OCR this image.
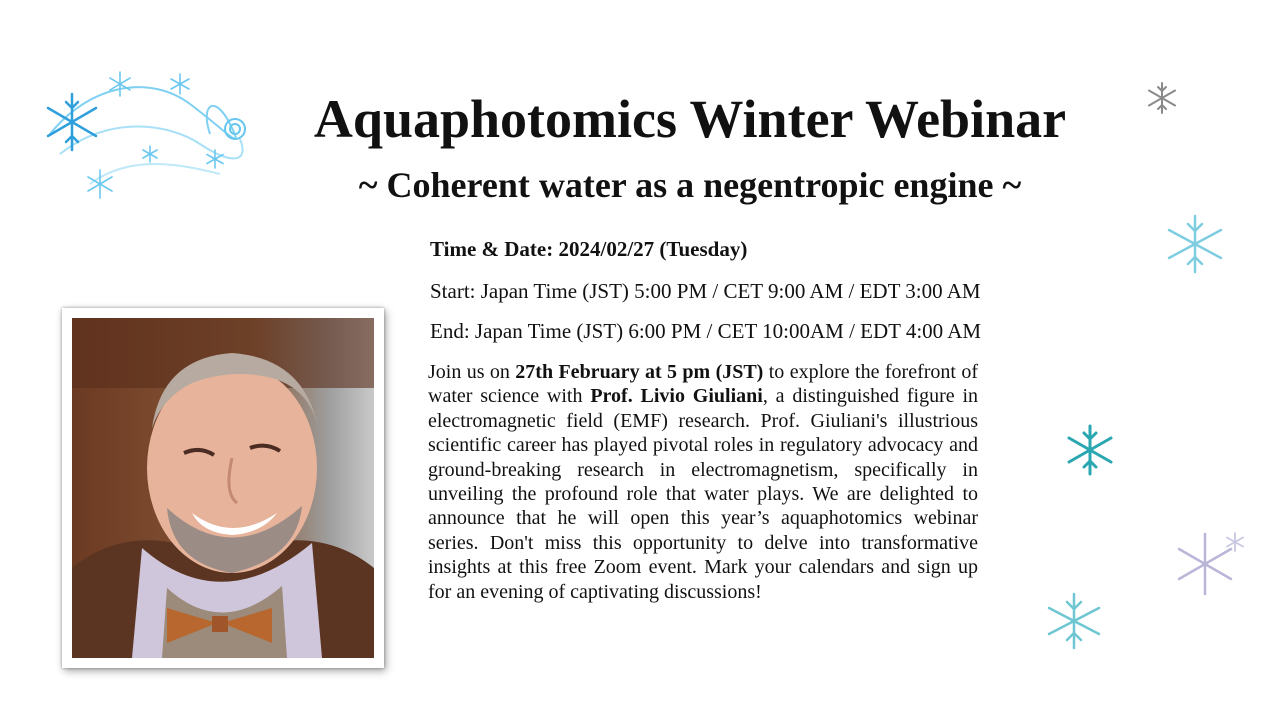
Aquaphotomics Winter Webinar
~ Coherent water as a negentropic engine ~
Time & Date: 2024/02/27 (Tuesday)
Start: Japan Time (JST) 5:00 PM / CET 9:00 AM / EDT 3:00 AM
End: Japan Time (JST) 6:00 PM / CET 10:00AM / EDT 4:00 AM

Join us on 27th February at 5 pm (JST) to explore the forefront of water science with Prof. Livio Giuliani, a distinguished figure in electromagnetic field (EMF) research. Prof. Giuliani's illustrious scientific career has played pivotal roles in regulatory advocacy and ground-breaking research in electromagnetism, specifically in unveiling the profound role that water plays. We are delighted to announce that he will open this year’s aquaphotomics webinar series. Don't miss this opportunity to delve into transformative insights at this free Zoom event. Mark your calendars and sign up for an evening of captivating discussions!
